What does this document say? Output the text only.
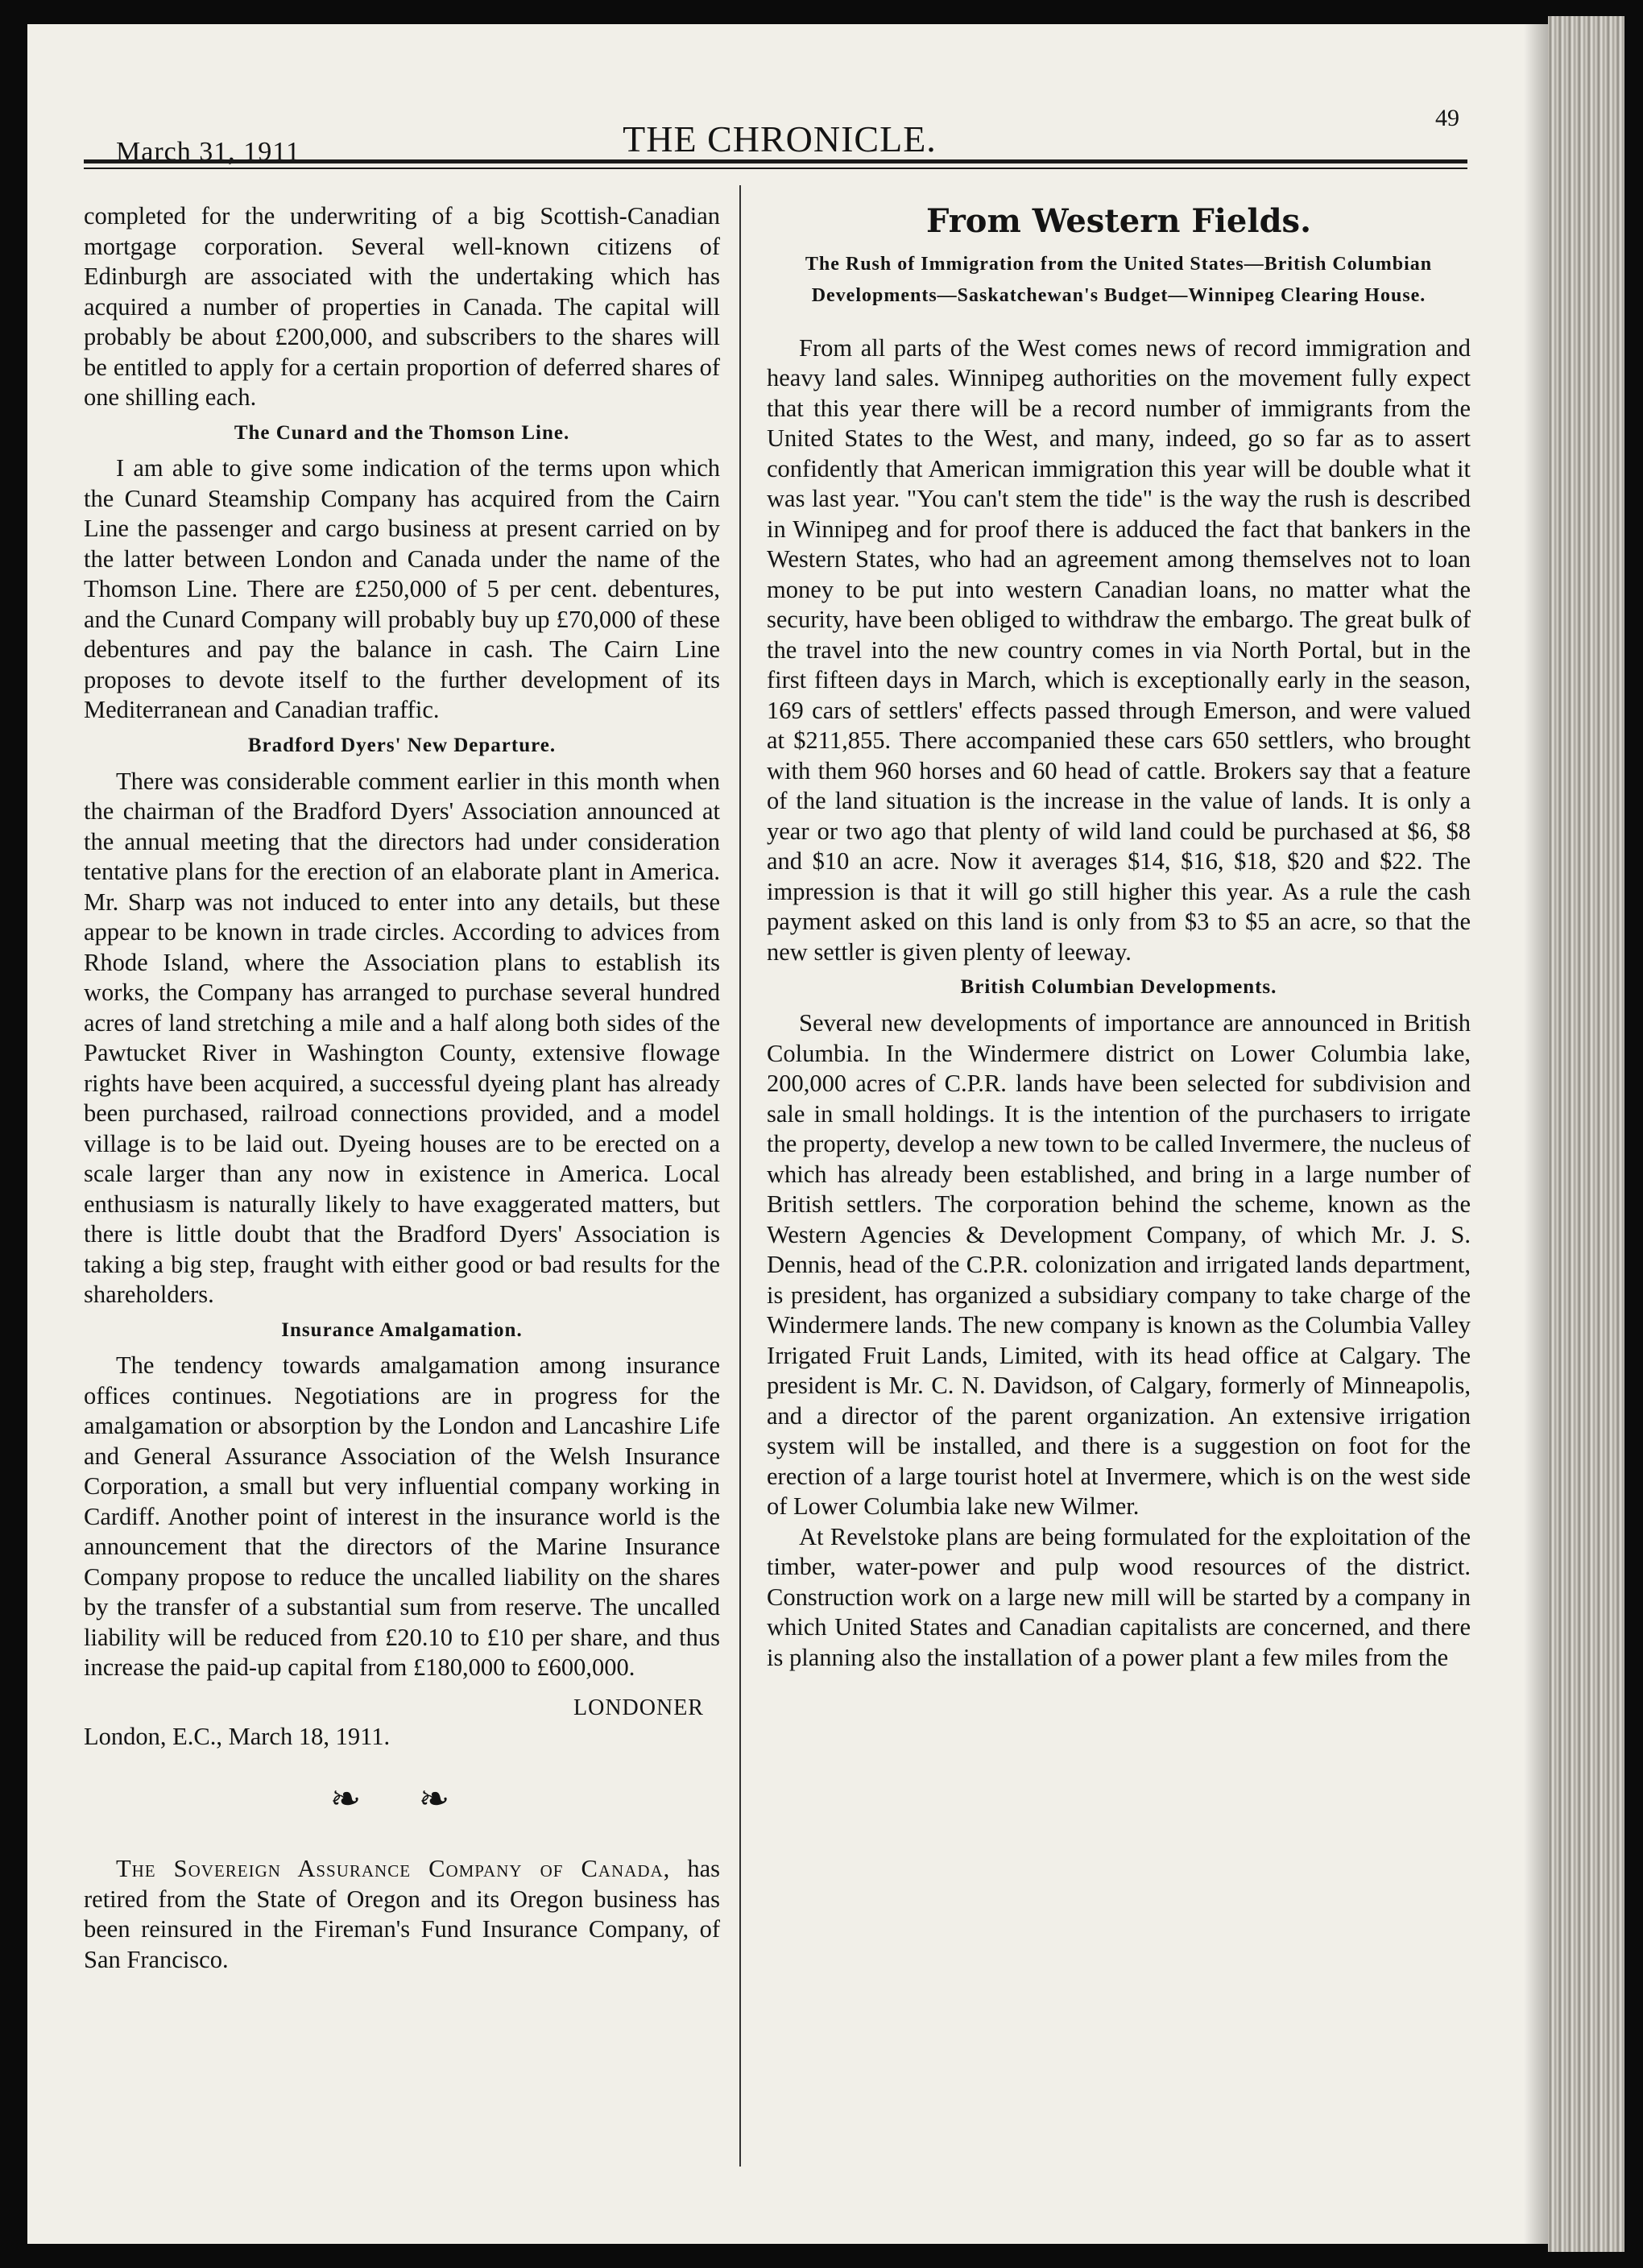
March 31, 1911	THE CHRONICLE.
49

completed for the underwriting of a big Scottish-Canadian mortgage corporation. Several well-known citizens of Edinburgh are associated with the undertaking which has acquired a number of properties in Canada. The capital will probably be about £200,000, and subscribers to the shares will be entitled to apply for a certain proportion of deferred shares of one shilling each.

The Cunard and the Thomson Line.

I am able to give some indication of the terms upon which the Cunard Steamship Company has acquired from the Cairn Line the passenger and cargo business at present carried on by the latter between London and Canada under the name of the Thomson Line. There are £250,000 of 5 per cent. debentures, and the Cunard Company will probably buy up £70,000 of these debentures and pay the balance in cash. The Cairn Line proposes to devote itself to the further development of its Mediterranean and Canadian traffic.

Bradford Dyers' New Departure.

There was considerable comment earlier in this month when the chairman of the Bradford Dyers' Association announced at the annual meeting that the directors had under consideration tentative plans for the erection of an elaborate plant in America. Mr. Sharp was not induced to enter into any details, but these appear to be known in trade circles. According to advices from Rhode Island, where the Association plans to establish its works, the Company has arranged to purchase several hundred acres of land stretching a mile and a half along both sides of the Pawtucket River in Washington County, extensive flowage rights have been acquired, a successful dyeing plant has already been purchased, railroad connections provided, and a model village is to be laid out. Dyeing houses are to be erected on a scale larger than any now in existence in America. Local enthusiasm is naturally likely to have exaggerated matters, but there is little doubt that the Bradford Dyers' Association is taking a big step, fraught with either good or bad results for the shareholders.

Insurance Amalgamation.

The tendency towards amalgamation among insurance offices continues. Negotiations are in progress for the amalgamation or absorption by the London and Lancashire Life and General Assurance Association of the Welsh Insurance Corporation, a small but very influential company working in Cardiff. Another point of interest in the insurance world is the announcement that the directors of the Marine Insurance Company propose to reduce the uncalled liability on the shares by the transfer of a substantial sum from reserve. The uncalled liability will be reduced from £20.10 to £10 per share, and thus increase the paid-up capital from £180,000 to £600,000.

LONDONER

London, E.C., March 18, 1911.

❧ ❧

The Sovereign Assurance Company of Canada, has retired from the State of Oregon and its Oregon business has been reinsured in the Fireman's Fund Insurance Company, of San Francisco.

From Western Fields.
The Rush of Immigration from the United States—British Columbian Developments—Saskatchewan's Budget—Winnipeg Clearing House.

From all parts of the West comes news of record immigration and heavy land sales. Winnipeg authorities on the movement fully expect that this year there will be a record number of immigrants from the United States to the West, and many, indeed, go so far as to assert confidently that American immigration this year will be double what it was last year. "You can't stem the tide" is the way the rush is described in Winnipeg and for proof there is adduced the fact that bankers in the Western States, who had an agreement among themselves not to loan money to be put into western Canadian loans, no matter what the security, have been obliged to withdraw the embargo. The great bulk of the travel into the new country comes in via North Portal, but in the first fifteen days in March, which is exceptionally early in the season, 169 cars of settlers' effects passed through Emerson, and were valued at $211,855. There accompanied these cars 650 settlers, who brought with them 960 horses and 60 head of cattle. Brokers say that a feature of the land situation is the increase in the value of lands. It is only a year or two ago that plenty of wild land could be purchased at $6, $8 and $10 an acre. Now it averages $14, $16, $18, $20 and $22. The impression is that it will go still higher this year. As a rule the cash payment asked on this land is only from $3 to $5 an acre, so that the new settler is given plenty of leeway.

British Columbian Developments.

Several new developments of importance are announced in British Columbia. In the Windermere district on Lower Columbia lake, 200,000 acres of C.P.R. lands have been selected for subdivision and sale in small holdings. It is the intention of the purchasers to irrigate the property, develop a new town to be called Invermere, the nucleus of which has already been established, and bring in a large number of British settlers. The corporation behind the scheme, known as the Western Agencies & Development Company, of which Mr. J. S. Dennis, head of the C.P.R. colonization and irrigated lands department, is president, has organized a subsidiary company to take charge of the Windermere lands. The new company is known as the Columbia Valley Irrigated Fruit Lands, Limited, with its head office at Calgary. The president is Mr. C. N. Davidson, of Calgary, formerly of Minneapolis, and a director of the parent organization. An extensive irrigation system will be installed, and there is a suggestion on foot for the erection of a large tourist hotel at Invermere, which is on the west side of Lower Columbia lake new Wilmer.

At Revelstoke plans are being formulated for the exploitation of the timber, water-power and pulp wood resources of the district. Construction work on a large new mill will be started by a company in which United States and Canadian capitalists are concerned, and there is planning also the installation of a power plant a few miles from the
